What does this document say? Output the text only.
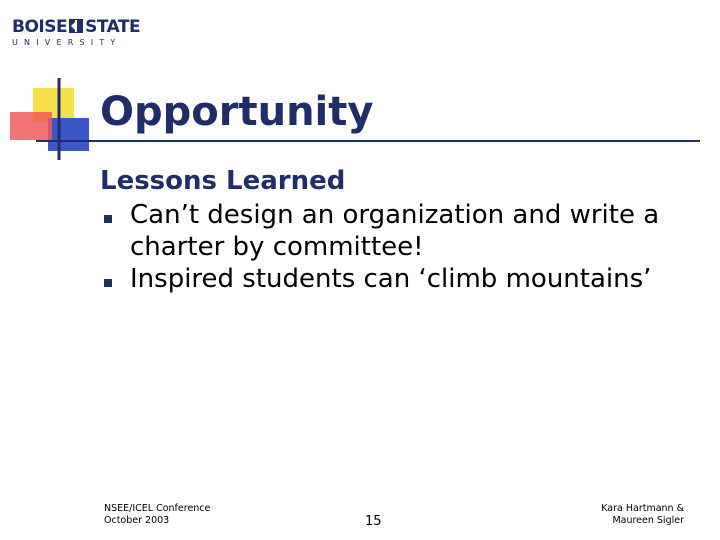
BOISE STATE
UNIVERSITY
Opportunity
Lessons Learned
Can’t design an organization and write a charter by committee!
Inspired students can ‘climb mountains’
NSEE/ICEL Conference
October 2003	15
Kara Hartmann &
Maureen Sigler
